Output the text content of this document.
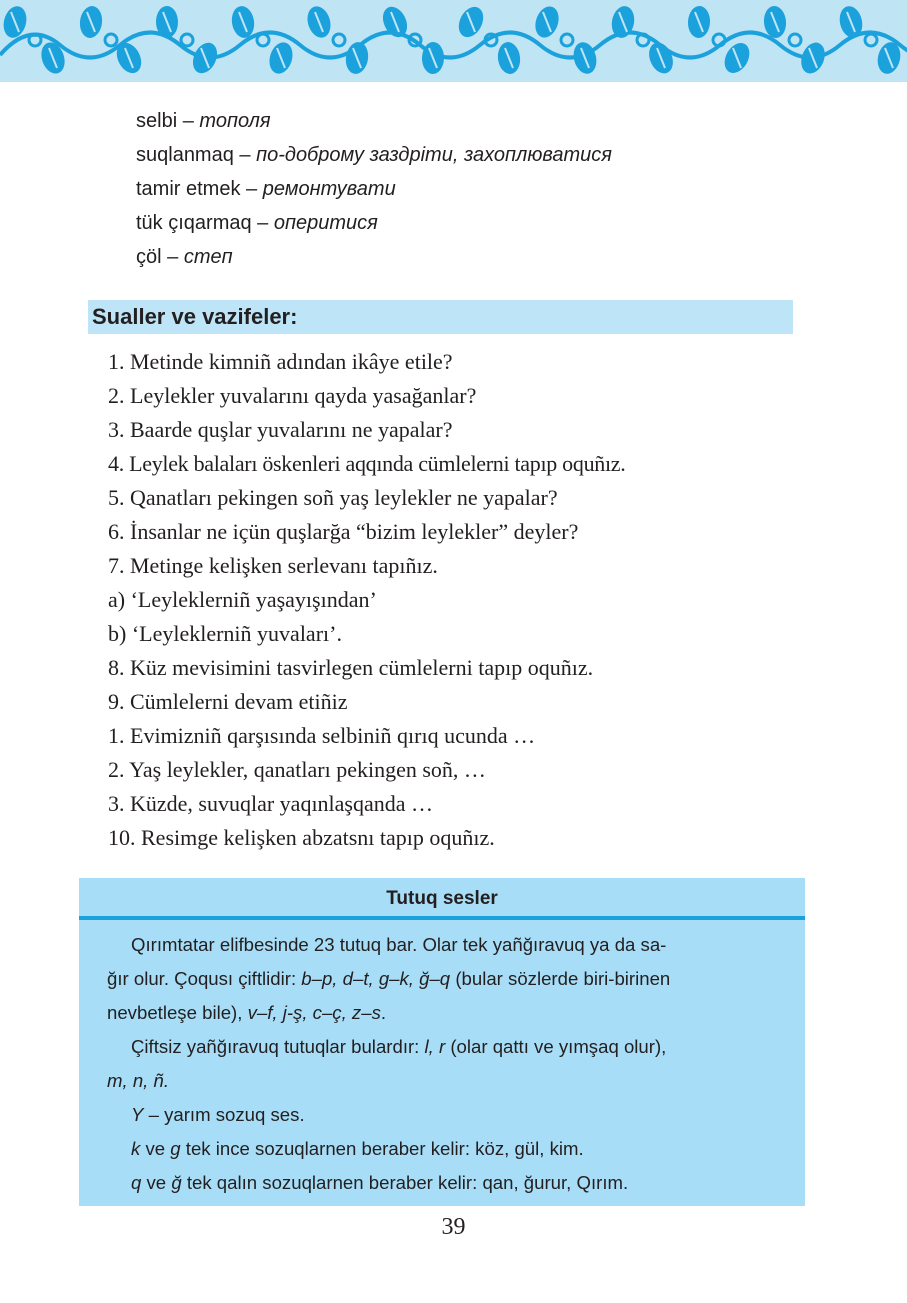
selbi – тополя
suqlanmaq – по-доброму заздріти, захоплюватися
tamir etmek – ремонтувати
tük çıqarmaq – оперитися
çöl – степ
Sualler ve vazifeler:
1. Metinde kimniñ adından ikâye etile?
2. Leylekler yuvalarını qayda yasağanlar?
3. Baarde quşlar yuvalarını ne yapalar?
4. Leylek balaları öskenleri aqqında cümlelerni tapıp oquñız.
5. Qanatları pekingen soñ yaş leylekler ne yapalar?
6. İnsanlar ne içün quşlarğa “bizim leylekler” deyler?
7. Metinge kelişken serlevanı tapıñız.
a) ‘Leyleklerniñ yaşayışından’
b) ‘Leyleklerniñ yuvaları’.
8. Küz mevisimini tasvirlegen cümlelerni tapıp oquñız.
9. Cümlelerni devam etiñiz
1. Evimizniñ qarşısında selbiniñ qırıq ucunda …
2. Yaş leylekler, qanatları pekingen soñ, …
3. Küzde, suvuqlar yaqınlaşqanda …
10. Resimge kelişken abzatsnı tapıp oquñız.
Tutuq sesler
Qırımtatar elifbesinde 23 tutuq bar. Olar tek yañğıravuq ya da sa-
ğır olur. Çoqusı çiftlidir: b–p, d–t, g–k, ğ–q (bular sözlerde biri-birinen
nevbetleşe bile), v–f, j-ş, c–ç, z–s.
Çiftsiz yañğıravuq tutuqlar bulardır: l, r (olar qattı ve yımşaq olur),
m, n, ñ.
Y – yarım sozuq ses.
k ve g tek ince sozuqlarnen beraber kelir: köz, gül, kim.
q ve ğ tek qalın sozuqlarnen beraber kelir: qan, ğurur, Qırım.
39
